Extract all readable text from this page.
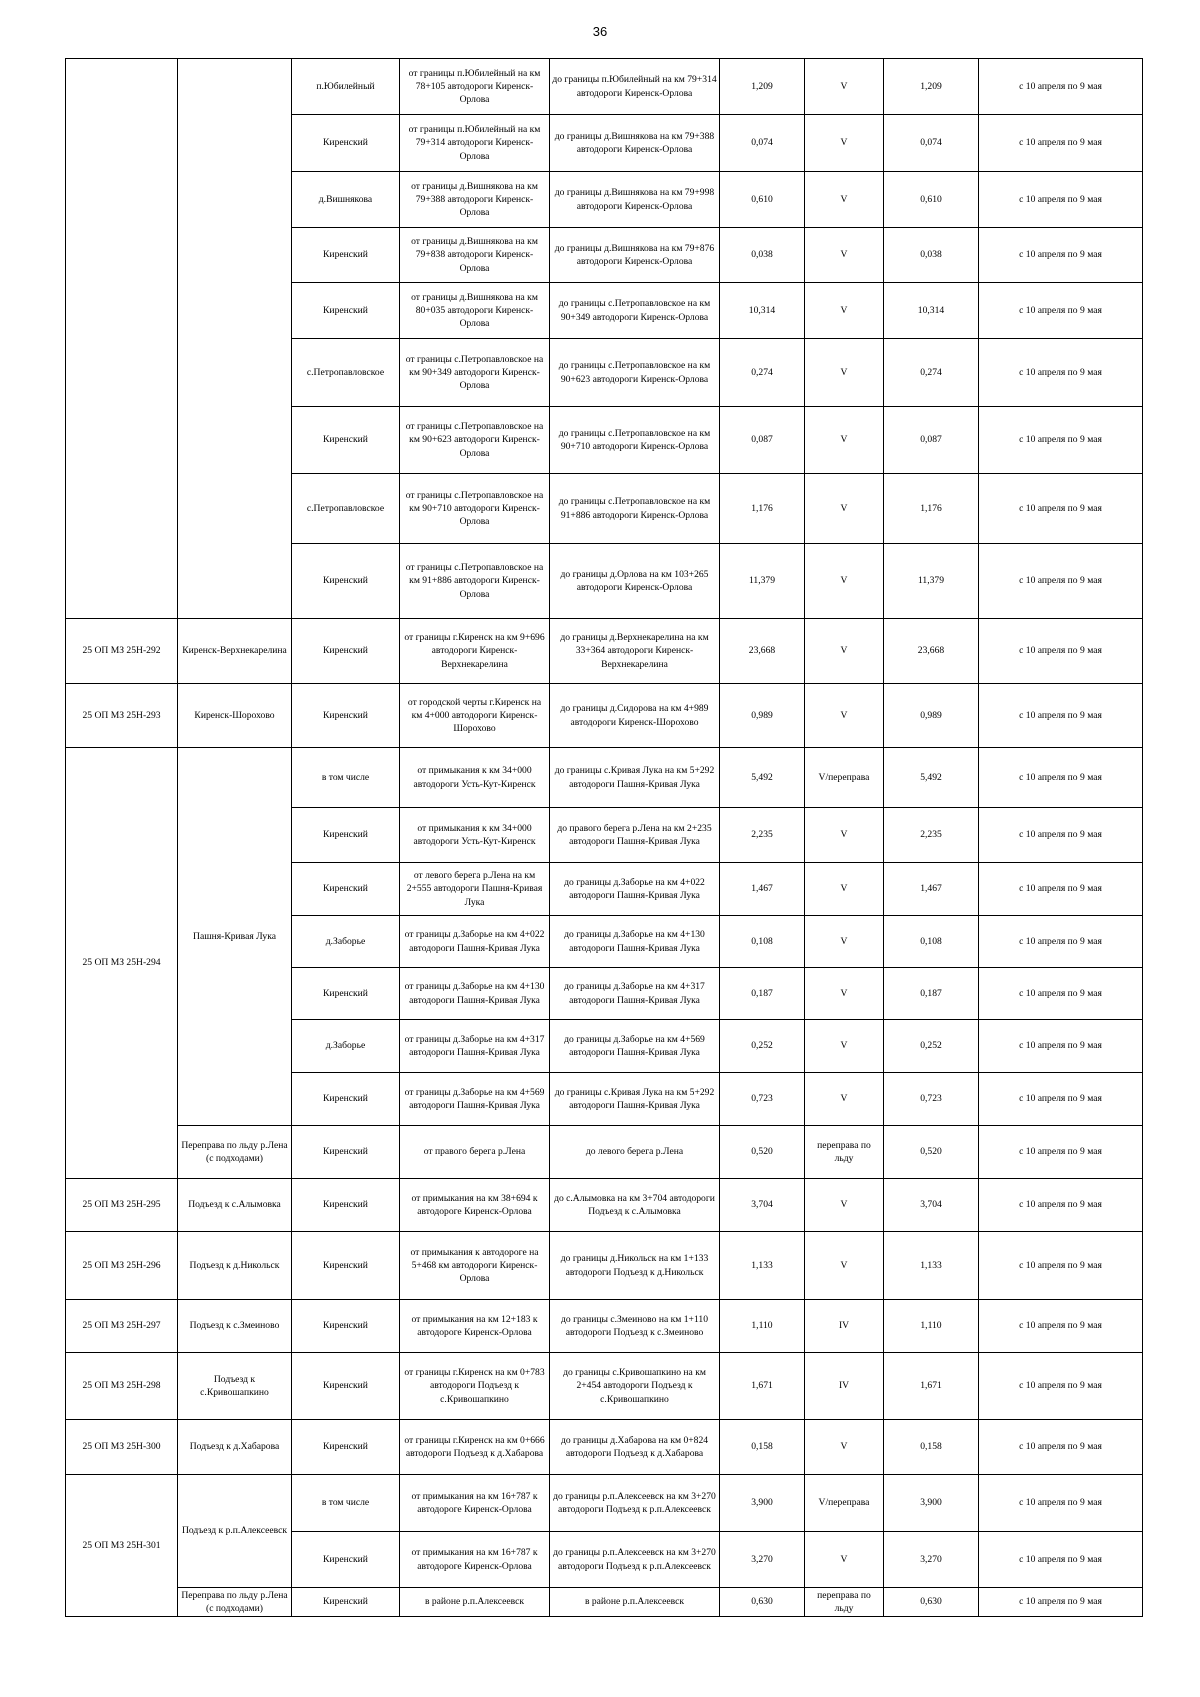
36
		п.Юбилейный	от границы п.Юбилейный на км 78+105 автодороги Киренск-Орлова	до границы п.Юбилейный на км 79+314 автодороги Киренск-Орлова	1,209	V	1,209	с 10 апреля по 9 мая
		Киренский	от границы п.Юбилейный на км 79+314 автодороги Киренск-Орлова	до границы д.Вишнякова на км 79+388 автодороги Киренск-Орлова	0,074	V	0,074	с 10 апреля по 9 мая
		д.Вишнякова	от границы д.Вишнякова на км 79+388 автодороги Киренск-Орлова	до границы д.Вишнякова на км 79+998 автодороги Киренск-Орлова	0,610	V	0,610	с 10 апреля по 9 мая
		Киренский	от границы д.Вишнякова на км 79+838 автодороги Киренск-Орлова	до границы д.Вишнякова на км 79+876 автодороги Киренск-Орлова	0,038	V	0,038	с 10 апреля по 9 мая
		Киренский	от границы д.Вишнякова на км 80+035 автодороги Киренск-Орлова	до границы с.Петропавловское на км 90+349 автодороги Киренск-Орлова	10,314	V	10,314	с 10 апреля по 9 мая
		с.Петропавловское	от границы с.Петропавловское на км 90+349 автодороги Киренск-Орлова	до границы с.Петропавловское на км 90+623 автодороги Киренск-Орлова	0,274	V	0,274	с 10 апреля по 9 мая
		Киренский	от границы с.Петропавловское на км 90+623 автодороги Киренск-Орлова	до границы с.Петропавловское на км 90+710 автодороги Киренск-Орлова	0,087	V	0,087	с 10 апреля по 9 мая
		с.Петропавловское	от границы с.Петропавловское на км 90+710 автодороги Киренск-Орлова	до границы с.Петропавловское на км 91+886 автодороги Киренск-Орлова	1,176	V	1,176	с 10 апреля по 9 мая
		Киренский	от границы с.Петропавловское на км 91+886 автодороги Киренск-Орлова	до границы д.Орлова на км 103+265 автодороги Киренск-Орлова	11,379	V	11,379	с 10 апреля по 9 мая
25 ОП МЗ 25Н-292	Киренск-Верхнекарелина	Киренский	от границы г.Киренск на км 9+696 автодороги Киренск-Верхнекарелина	до границы д.Верхнекарелина на км 33+364 автодороги Киренск-Верхнекарелина	23,668	V	23,668	с 10 апреля по 9 мая
25 ОП МЗ 25Н-293	Киренск-Шорохово	Киренский	от городской черты г.Киренск на км 4+000 автодороги Киренск-Шорохово	до границы д.Сидорова на км 4+989 автодороги Киренск-Шорохово	0,989	V	0,989	с 10 апреля по 9 мая
25 ОП МЗ 25Н-294	Пашня-Кривая Лука	в том числе	от примыкания к км 34+000 автодороги Усть-Кут-Киренск	до границы с.Кривая Лука на км 5+292 автодороги Пашня-Кривая Лука	5,492	V/переправа	5,492	с 10 апреля по 9 мая
		Киренский	от примыкания к км 34+000 автодороги Усть-Кут-Киренск	до правого берега р.Лена на км 2+235 автодороги Пашня-Кривая Лука	2,235	V	2,235	с 10 апреля по 9 мая
		Киренский	от левого берега р.Лена на км 2+555 автодороги Пашня-Кривая Лука	до границы д.Заборье на км 4+022 автодороги Пашня-Кривая Лука	1,467	V	1,467	с 10 апреля по 9 мая
		д.Заборье	от границы д.Заборье на км 4+022 автодороги Пашня-Кривая Лука	до границы д.Заборье на км 4+130 автодороги Пашня-Кривая Лука	0,108	V	0,108	с 10 апреля по 9 мая
		Киренский	от границы д.Заборье на км 4+130 автодороги Пашня-Кривая Лука	до границы д.Заборье на км 4+317 автодороги Пашня-Кривая Лука	0,187	V	0,187	с 10 апреля по 9 мая
		д.Заборье	от границы д.Заборье на км 4+317 автодороги Пашня-Кривая Лука	до границы д.Заборье на км 4+569 автодороги Пашня-Кривая Лука	0,252	V	0,252	с 10 апреля по 9 мая
		Киренский	от границы д.Заборье на км 4+569 автодороги Пашня-Кривая Лука	до границы с.Кривая Лука на км 5+292 автодороги Пашня-Кривая Лука	0,723	V	0,723	с 10 апреля по 9 мая
	Переправа по льду р.Лена (с подходами)	Киренский	от правого берега р.Лена	до левого берега р.Лена	0,520	переправа по льду	0,520	с 10 апреля по 9 мая
25 ОП МЗ 25Н-295	Подъезд к с.Алымовка	Киренский	от примыкания на км 38+694 к автодороге Киренск-Орлова	до с.Алымовка на км 3+704 автодороги Подъезд к с.Алымовка	3,704	V	3,704	с 10 апреля по 9 мая
25 ОП МЗ 25Н-296	Подъезд к д.Никольск	Киренский	от примыкания к автодороге на 5+468 км автодороги Киренск-Орлова	до границы д.Никольск на км 1+133 автодороги Подъезд к д.Никольск	1,133	V	1,133	с 10 апреля по 9 мая
25 ОП МЗ 25Н-297	Подъезд к с.Змеиново	Киренский	от примыкания на км 12+183 к автодороге Киренск-Орлова	до границы с.Змеиново на км 1+110 автодороги Подъезд к с.Змеиново	1,110	IV	1,110	с 10 апреля по 9 мая
25 ОП МЗ 25Н-298	Подъезд к с.Кривошапкино	Киренский	от границы г.Киренск на км 0+783 автодороги Подъезд к с.Кривошапкино	до границы с.Кривошапкино на км 2+454 автодороги Подъезд к с.Кривошапкино	1,671	IV	1,671	с 10 апреля по 9 мая
25 ОП МЗ 25Н-300	Подъезд к д.Хабарова	Киренский	от границы г.Киренск на км 0+666 автодороги Подъезд к д.Хабарова	до границы д.Хабарова на км 0+824 автодороги Подъезд к д.Хабарова	0,158	V	0,158	с 10 апреля по 9 мая
25 ОП МЗ 25Н-301	Подъезд к р.п.Алексеевск	в том числе	от примыкания на км 16+787 к автодороге Киренск-Орлова	до границы р.п.Алексеевск на км 3+270 автодороги Подъезд к р.п.Алексеевск	3,900	V/переправа	3,900	с 10 апреля по 9 мая
		Киренский	от примыкания на км 16+787 к автодороге Киренск-Орлова	до границы р.п.Алексеевск на км 3+270 автодороги Подъезд к р.п.Алексеевск	3,270	V	3,270	с 10 апреля по 9 мая
	Переправа по льду р.Лена (с подходами)	Киренский	в районе р.п.Алексеевск	в районе р.п.Алексеевск	0,630	переправа по льду	0,630	с 10 апреля по 9 мая
